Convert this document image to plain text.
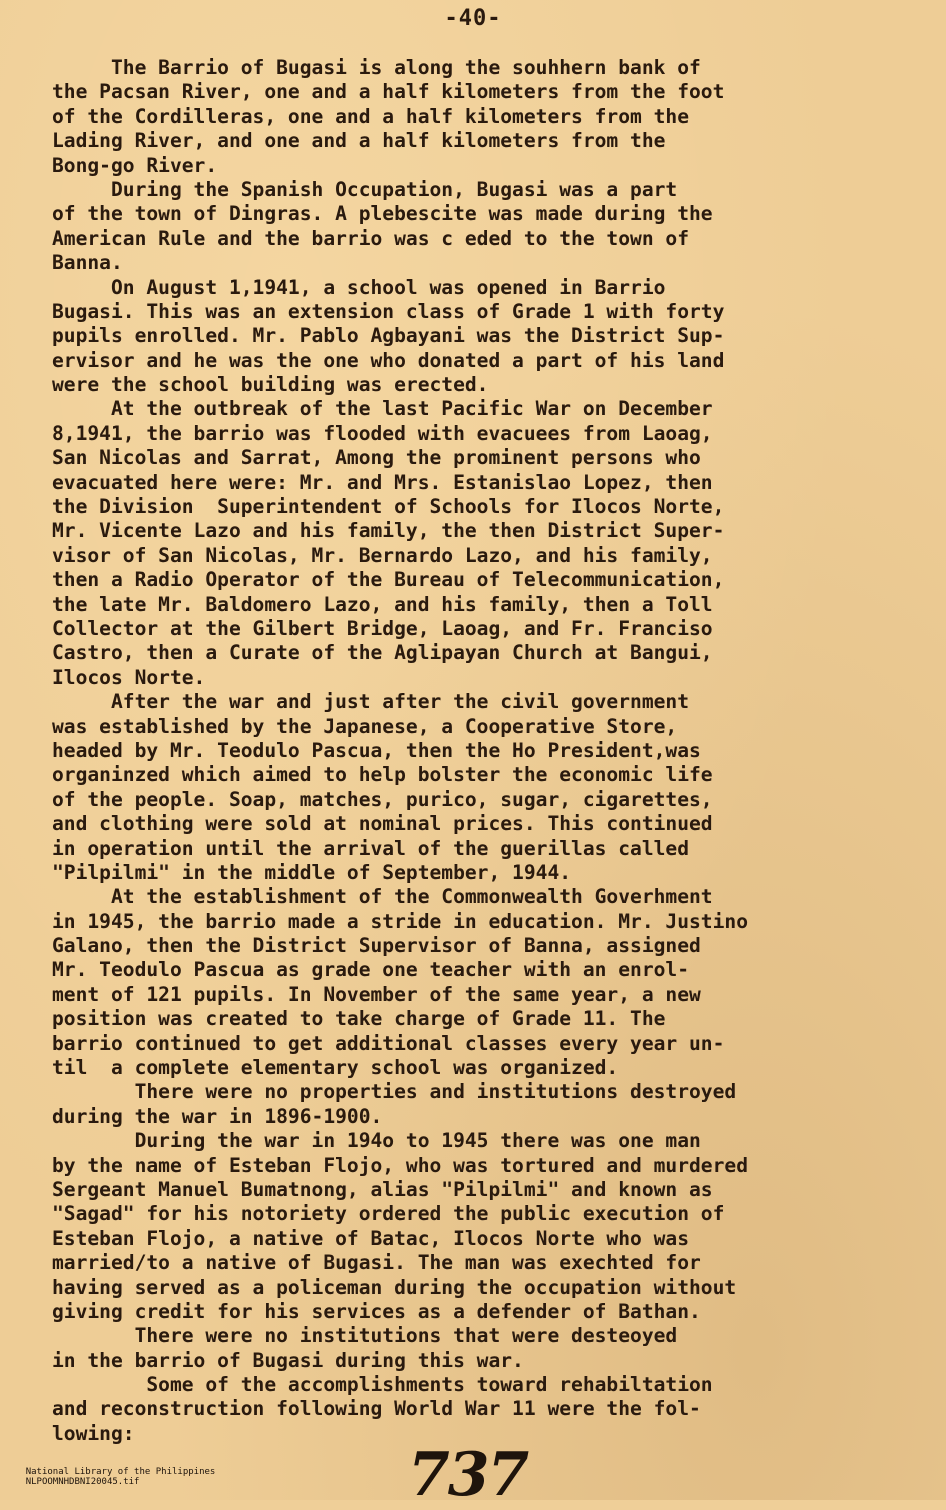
-40-
The Barrio of Bugasi is along the souhhern bank of
the Pacsan River, one and a half kilometers from the foot
of the Cordilleras, one and a half kilometers from the
Lading River, and one and a half kilometers from the
Bong-go River.
During the Spanish Occupation, Bugasi was a part
of the town of Dingras. A plebescite was made during the
American Rule and the barrio was c eded to the town of
Banna.
On August 1,1941, a school was opened in Barrio
Bugasi. This was an extension class of Grade 1 with forty
pupils enrolled. Mr. Pablo Agbayani was the District Sup-
ervisor and he was the one who donated a part of his land
were the school building was erected.
At the outbreak of the last Pacific War on December
8,1941, the barrio was flooded with evacuees from Laoag,
San Nicolas and Sarrat, Among the prominent persons who
evacuated here were: Mr. and Mrs. Estanislao Lopez, then
the Division  Superintendent of Schools for Ilocos Norte,
Mr. Vicente Lazo and his family, the then District Super-
visor of San Nicolas, Mr. Bernardo Lazo, and his family,
then a Radio Operator of the Bureau of Telecommunication,
the late Mr. Baldomero Lazo, and his family, then a Toll
Collector at the Gilbert Bridge, Laoag, and Fr. Franciso
Castro, then a Curate of the Aglipayan Church at Bangui,
Ilocos Norte.
After the war and just after the civil government
was established by the Japanese, a Cooperative Store,
headed by Mr. Teodulo Pascua, then the Ho President,was
organinzed which aimed to help bolster the economic life
of the people. Soap, matches, purico, sugar, cigarettes,
and clothing were sold at nominal prices. This continued
in operation until the arrival of the guerillas called
"Pilpilmi" in the middle of September, 1944.
At the establishment of the Commonwealth Goverhment
in 1945, the barrio made a stride in education. Mr. Justino
Galano, then the District Supervisor of Banna, assigned
Mr. Teodulo Pascua as grade one teacher with an enrol-
ment of 121 pupils. In November of the same year, a new
position was created to take charge of Grade 11. The
barrio continued to get additional classes every year un-
til  a complete elementary school was organized.
There were no properties and institutions destroyed
during the war in 1896-1900.
During the war in 194o to 1945 there was one man
by the name of Esteban Flojo, who was tortured and murdered
Sergeant Manuel Bumatnong, alias "Pilpilmi" and known as
"Sagad" for his notoriety ordered the public execution of
Esteban Flojo, a native of Batac, Ilocos Norte who was
married/to a native of Bugasi. The man was exechted for
having served as a policeman during the occupation without
giving credit for his services as a defender of Bathan.
There were no institutions that were desteoyed
in the barrio of Bugasi during this war.
Some of the accomplishments toward rehabiltation
and reconstruction following World War 11 were the fol-
lowing:
737

National Library of the Philippines
NLPOOMNHDBNI20045.tif
